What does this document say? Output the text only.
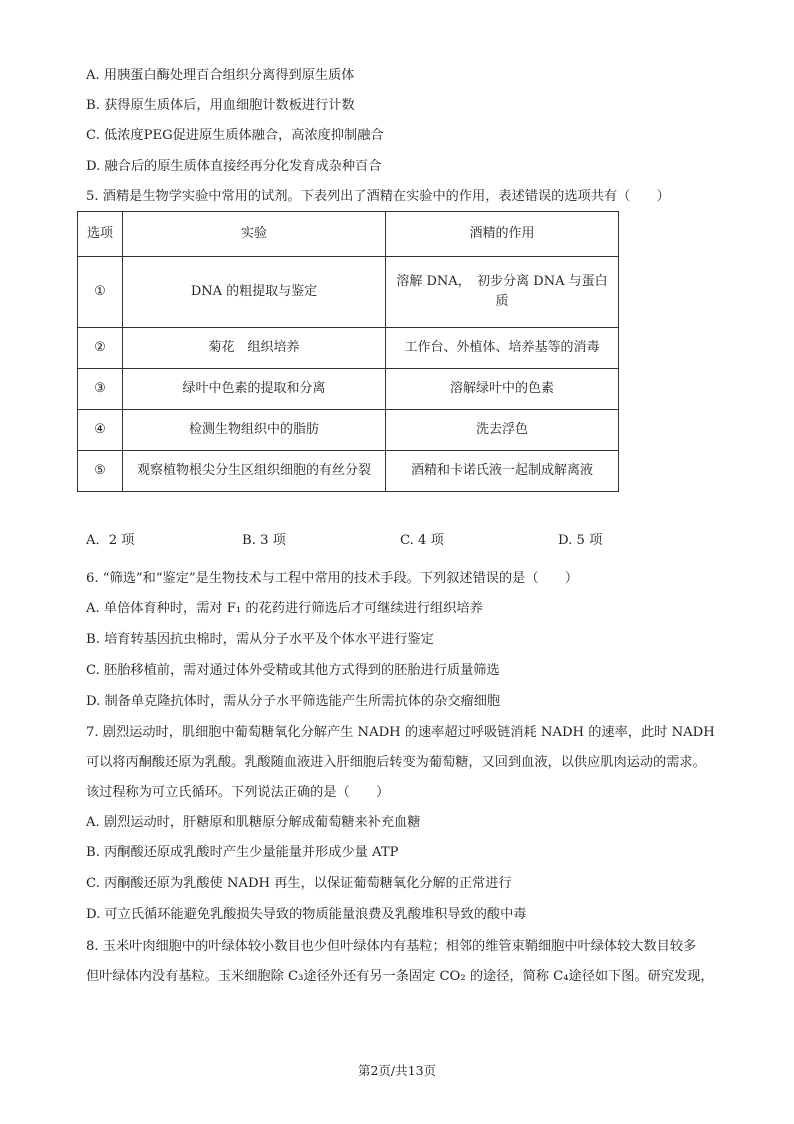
A. 用胰蛋白酶处理百合组织分离得到原生质体
B. 获得原生质体后，用血细胞计数板进行计数
C. 低浓度PEG促进原生质体融合，高浓度抑制融合
D. 融合后的原生质体直接经再分化发育成杂种百合
5. 酒精是生物学实验中常用的试剂。下表列出了酒精在实验中的作用，表述错误的选项共有（　　）
选项	实验	酒精的作用
①	DNA 的粗提取与鉴定	溶解 DNA，　初步分离 DNA 与蛋白质
②	菊花　组织培养	工作台、外植体、培养基等的消毒
③	绿叶中色素的提取和分离	溶解绿叶中的色素
④	检测生物组织中的脂肪	洗去浮色
⑤	观察植物根尖分生区组织细胞的有丝分裂	酒精和卡诺氏液一起制成解离液
A．2 项	B. 3 项	C. 4 项	D. 5 项
6. “筛选”和“鉴定”是生物技术与工程中常用的技术手段。下列叙述错误的是（　　）
A. 单倍体育种时，需对 F₁ 的花药进行筛选后才可继续进行组织培养
B. 培育转基因抗虫棉时，需从分子水平及个体水平进行鉴定
C. 胚胎移植前，需对通过体外受精或其他方式得到的胚胎进行质量筛选
D. 制备单克隆抗体时，需从分子水平筛选能产生所需抗体的杂交瘤细胞
7. 剧烈运动时，肌细胞中葡萄糖氧化分解产生 NADH 的速率超过呼吸链消耗 NADH 的速率，此时 NADH
可以将丙酮酸还原为乳酸。乳酸随血液进入肝细胞后转变为葡萄糖，又回到血液，以供应肌肉运动的需求。
该过程称为可立氏循环。下列说法正确的是（　　）
A. 剧烈运动时，肝糖原和肌糖原分解成葡萄糖来补充血糖
B. 丙酮酸还原成乳酸时产生少量能量并形成少量 ATP
C. 丙酮酸还原为乳酸使 NADH 再生，以保证葡萄糖氧化分解的正常进行
D. 可立氏循环能避免乳酸损失导致的物质能量浪费及乳酸堆积导致的酸中毒
8. 玉米叶肉细胞中的叶绿体较小数目也少但叶绿体内有基粒；相邻的维管束鞘细胞中叶绿体较大数目较多
但叶绿体内没有基粒。玉米细胞除 C₃途径外还有另一条固定 CO₂ 的途径，简称 C₄途径如下图。研究发现，
第2页/共13页
